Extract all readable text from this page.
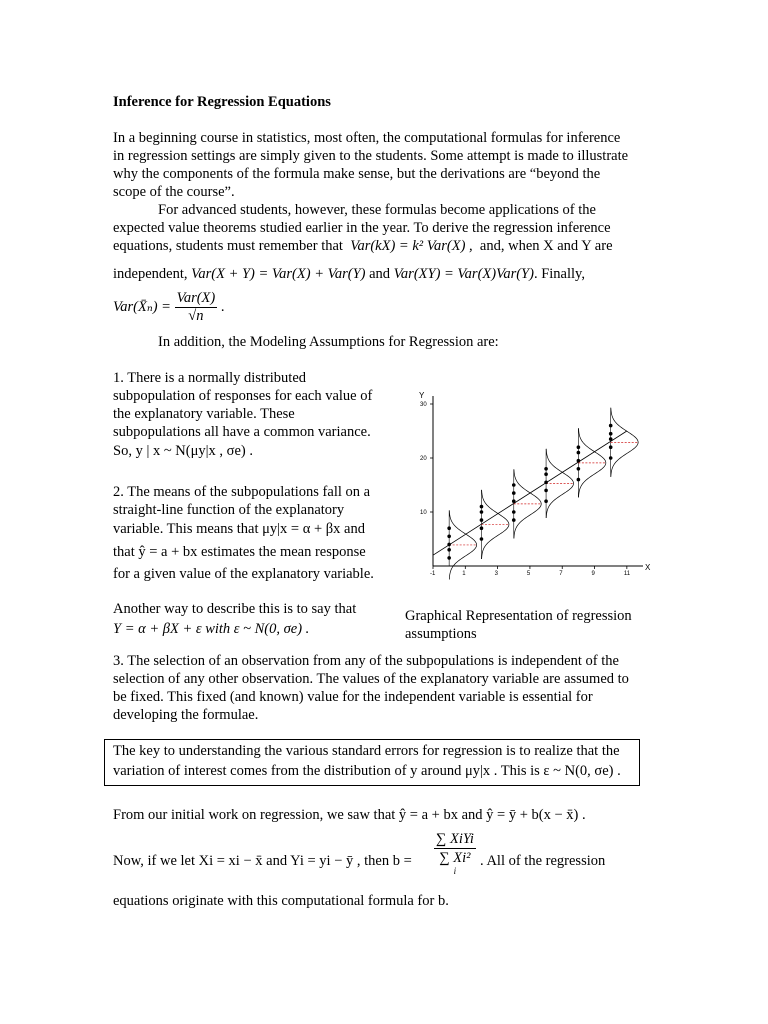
Inference for Regression Equations
In a beginning course in statistics, most often, the computational formulas for inference
in regression settings are simply given to the students. Some attempt is made to illustrate
why the components of the formula make sense, but the derivations are “beyond the
scope of the course”.
For advanced students, however, these formulas become applications of the
expected value theorems studied earlier in the year. To derive the regression inference
equations, students must remember that Var(kX) = k² Var(X) , and, when X and Y are
independent, Var(X + Y) = Var(X) + Var(Y) and Var(XY) = Var(X)Var(Y). Finally,
Var(X̄ₙ) = $\frac{\text{Var(X)}}{√n}$ .
In addition, the Modeling Assumptions for Regression are:
1. There is a normally distributed
subpopulation of responses for each value of
the explanatory variable. These
subpopulations all have a common variance.
So, y | x ~ N(μy|x , σe) .
2. The means of the subpopulations fall on a
straight-line function of the explanatory
variable. This means that μy|x = α + βx and
that ŷ = a + bx estimates the mean response
for a given value of the explanatory variable.
Another way to describe this is to say that
Y = α + βX + ε with ε ~ N(0, σe) .
Y
X
-1	1	3	5	7	9	11
10
20
30
Graphical Representation of regression
assumptions
3. The selection of an observation from any of the subpopulations is independent of the
selection of any other observation. The values of the explanatory variable are assumed to
be fixed. This fixed (and known) value for the independent variable is essential for
developing the formulae.
The key to understanding the various standard errors for regression is to realize that the
variation of interest comes from the distribution of y around μy|x . This is ε ~ N(0, σe) .
From our initial work on regression, we saw that ŷ = a + bx and ŷ = ȳ + b(x − x̄) .
Now, if we let Xi = xi − x̄ and Yi = yi − ȳ , then b =
∑ XiYi
∑ Xi²
i
. All of the regression
equations originate with this computational formula for b.
